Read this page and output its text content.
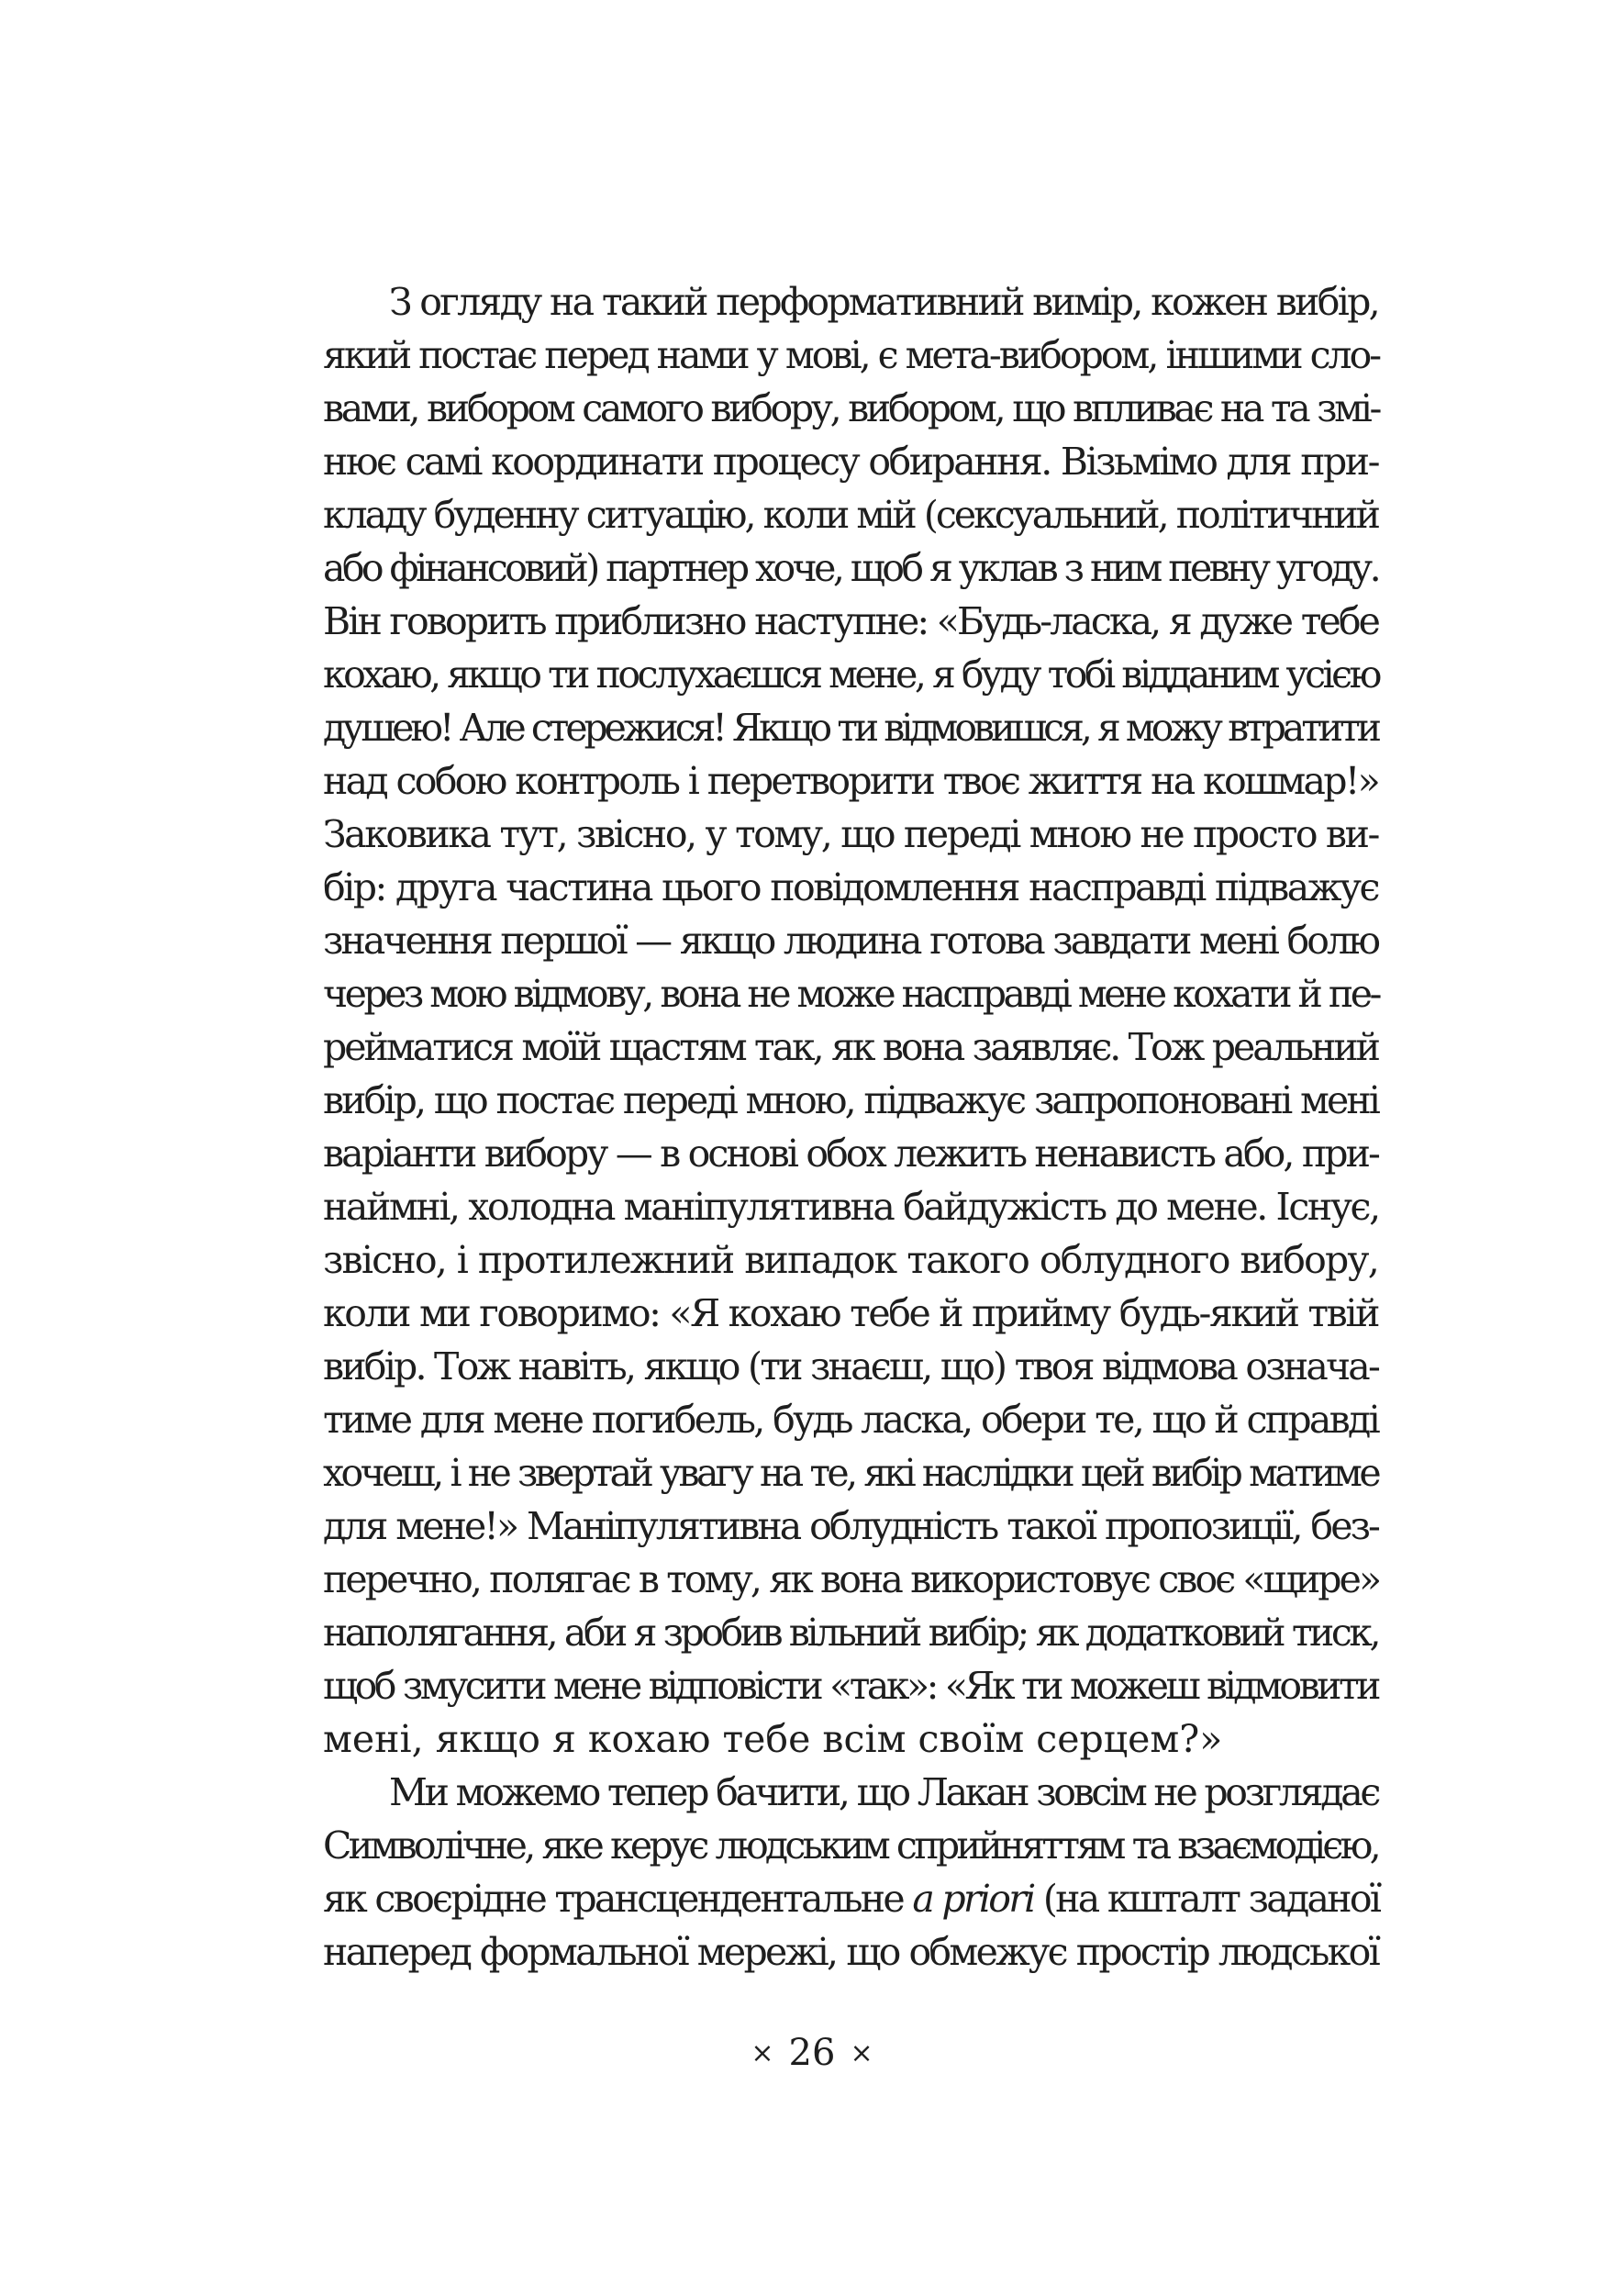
З огляду на такий перформативний вимір, кожен вибір,
який постає перед нами у мові, є мета-вибором, іншими сло-
вами, вибором самого вибору, вибором, що впливає на та змі-
нює самі координати процесу обирання. Візьмімо для при-
кладу буденну ситуацію, коли мій (сексуальний, політичний
або фінансовий) партнер хоче, щоб я уклав з ним певну угоду.
Він говорить приблизно наступне: «Будь-ласка, я дуже тебе
кохаю, якщо ти послухаєшся мене, я буду тобі відданим усією
душею! Але стережися! Якщо ти відмовишся, я можу втратити
над собою контроль і перетворити твоє життя на кошмар!»
Заковика тут, звісно, у тому, що переді мною не просто ви-
бір: друга частина цього повідомлення насправді підважує
значення першої — якщо людина готова завдати мені болю
через мою відмову, вона не може насправді мене кохати й пе-
рейматися моїй щастям так, як вона заявляє. Тож реальний
вибір, що постає переді мною, підважує запропоновані мені
варіанти вибору — в основі обох лежить ненависть або, при-
наймні, холодна маніпулятивна байдужість до мене. Існує,
звісно, і протилежний випадок такого облудного вибору,
коли ми говоримо: «Я кохаю тебе й прийму будь-який твій
вибір. Тож навіть, якщо (ти знаєш, що) твоя відмова означа-
тиме для мене погибель, будь ласка, обери те, що й справді
хочеш, і не звертай увагу на те, які наслідки цей вибір матиме
для мене!» Маніпулятивна облудність такої пропозиції, без-
перечно, полягає в тому, як вона використовує своє «щире»
наполягання, аби я зробив вільний вибір; як додатковий тиск,
щоб змусити мене відповісти «так»: «Як ти можеш відмовити
мені, якщо я кохаю тебе всім своїм серцем?»
Ми можемо тепер бачити, що Лакан зовсім не розглядає
Символічне, яке керує людським сприйняттям та взаємодією,
як своєрідне трансцендентальне a priori (на кшталт заданої
наперед формальної мережі, що обмежує простір людської
× 26 ×
